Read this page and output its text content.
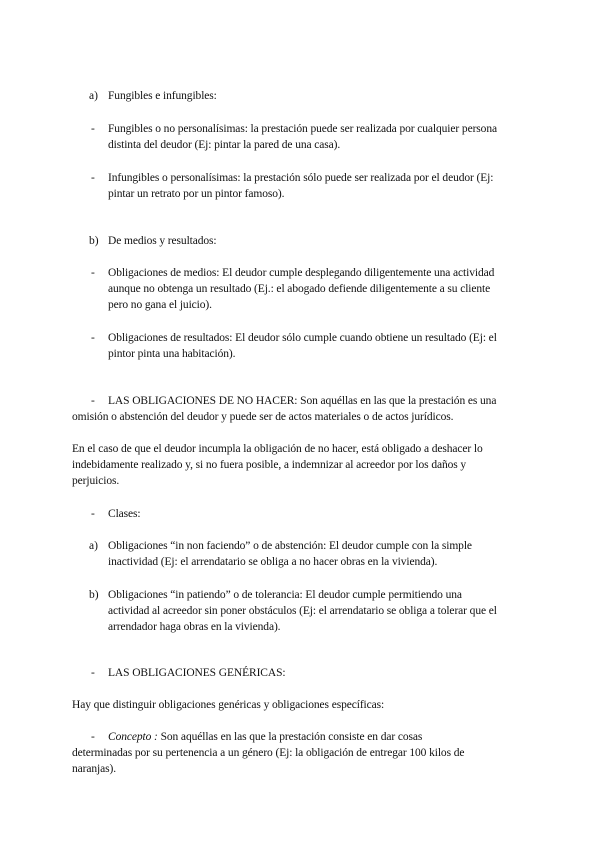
a) Fungibles e infungibles:
- Fungibles o no personalísimas: la prestación puede ser realizada por cualquier persona
distinta del deudor (Ej: pintar la pared de una casa).
- Infungibles o personalísimas: la prestación sólo puede ser realizada por el deudor (Ej:
pintar un retrato por un pintor famoso).
b) De medios y resultados:
- Obligaciones de medios: El deudor cumple desplegando diligentemente una actividad
aunque no obtenga un resultado (Ej.: el abogado defiende diligentemente a su cliente
pero no gana el juicio).
- Obligaciones de resultados: El deudor sólo cumple cuando obtiene un resultado (Ej: el
pintor pinta una habitación).
- LAS OBLIGACIONES DE NO HACER: Son aquéllas en las que la prestación es una
omisión o abstención del deudor y puede ser de actos materiales o de actos jurídicos.
En el caso de que el deudor incumpla la obligación de no hacer, está obligado a deshacer lo
indebidamente realizado y, si no fuera posible, a indemnizar al acreedor por los daños y
perjuicios.
- Clases:
a) Obligaciones “in non faciendo” o de abstención: El deudor cumple con la simple
inactividad (Ej: el arrendatario se obliga a no hacer obras en la vivienda).
b) Obligaciones “in patiendo” o de tolerancia: El deudor cumple permitiendo una
actividad al acreedor sin poner obstáculos (Ej: el arrendatario se obliga a tolerar que el
arrendador haga obras en la vivienda).
- LAS OBLIGACIONES GENÉRICAS:
Hay que distinguir obligaciones genéricas y obligaciones específicas:
- Concepto : Son aquéllas en las que la prestación consiste en dar cosas
determinadas por su pertenencia a un género (Ej: la obligación de entregar 100 kilos de
naranjas).
